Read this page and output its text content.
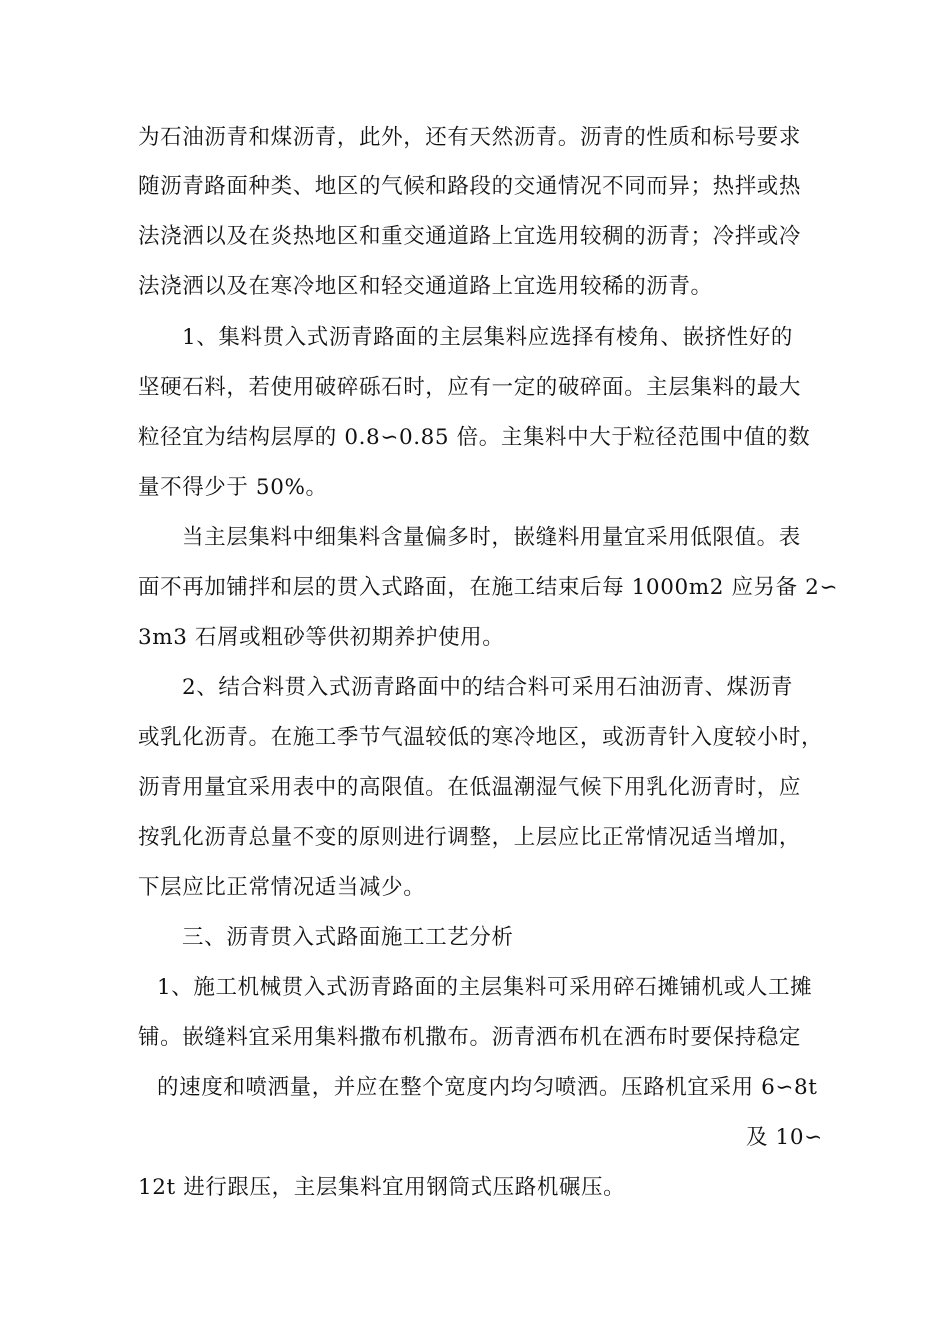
为石油沥青和煤沥青，此外，还有天然沥青。沥青的性质和标号要求
随沥青路面种类、地区的气候和路段的交通情况不同而异；热拌或热
法浇洒以及在炎热地区和重交通道路上宜选用较稠的沥青；冷拌或冷
法浇洒以及在寒冷地区和轻交通道路上宜选用较稀的沥青。
1、集料贯入式沥青路面的主层集料应选择有棱角、嵌挤性好的
坚硬石料，若使用破碎砾石时，应有一定的破碎面。主层集料的最大
粒径宜为结构层厚的 0.8∽0.85 倍。主集料中大于粒径范围中值的数
量不得少于 50%。
当主层集料中细集料含量偏多时，嵌缝料用量宜采用低限值。表
面不再加铺拌和层的贯入式路面，在施工结束后每 1000m2 应另备 2∽
3m3 石屑或粗砂等供初期养护使用。
2、结合料贯入式沥青路面中的结合料可采用石油沥青、煤沥青
或乳化沥青。在施工季节气温较低的寒冷地区，或沥青针入度较小时，
沥青用量宜采用表中的高限值。在低温潮湿气候下用乳化沥青时，应
按乳化沥青总量不变的原则进行调整，上层应比正常情况适当增加，
下层应比正常情况适当减少。
三、沥青贯入式路面施工工艺分析
1、施工机械贯入式沥青路面的主层集料可采用碎石摊铺机或人工摊
铺。嵌缝料宜采用集料撒布机撒布。沥青洒布机在洒布时要保持稳定
的速度和喷洒量，并应在整个宽度内均匀喷洒。压路机宜采用 6∽8t
及 10∽
12t 进行跟压，主层集料宜用钢筒式压路机碾压。
